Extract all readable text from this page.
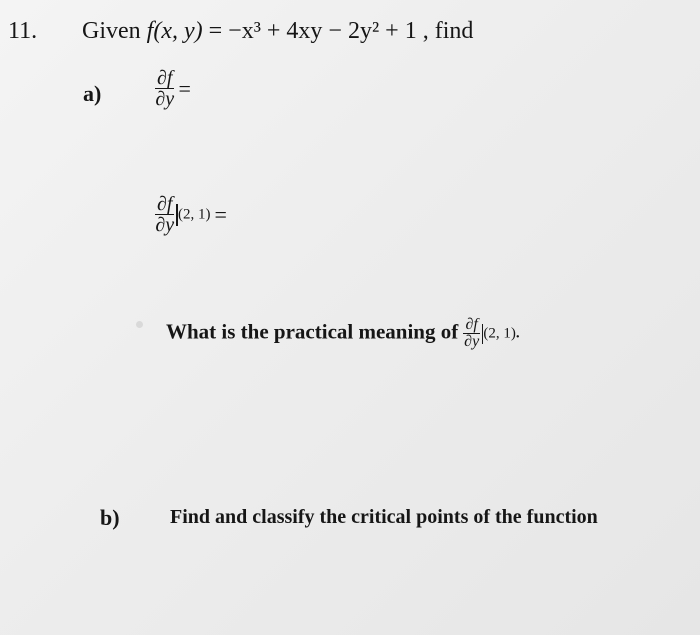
11. Given f(x, y) = −x³ + 4xy − 2y² + 1 , find
a)	$\frac{\partial f}{\partial y}$ =
$\frac{\partial f}{\partial y} (2$, 1) =
What is the practical meaning of $\frac{\partial f}{\partial y} (2$, 1).
b)	Find and classify the critical points of the function
